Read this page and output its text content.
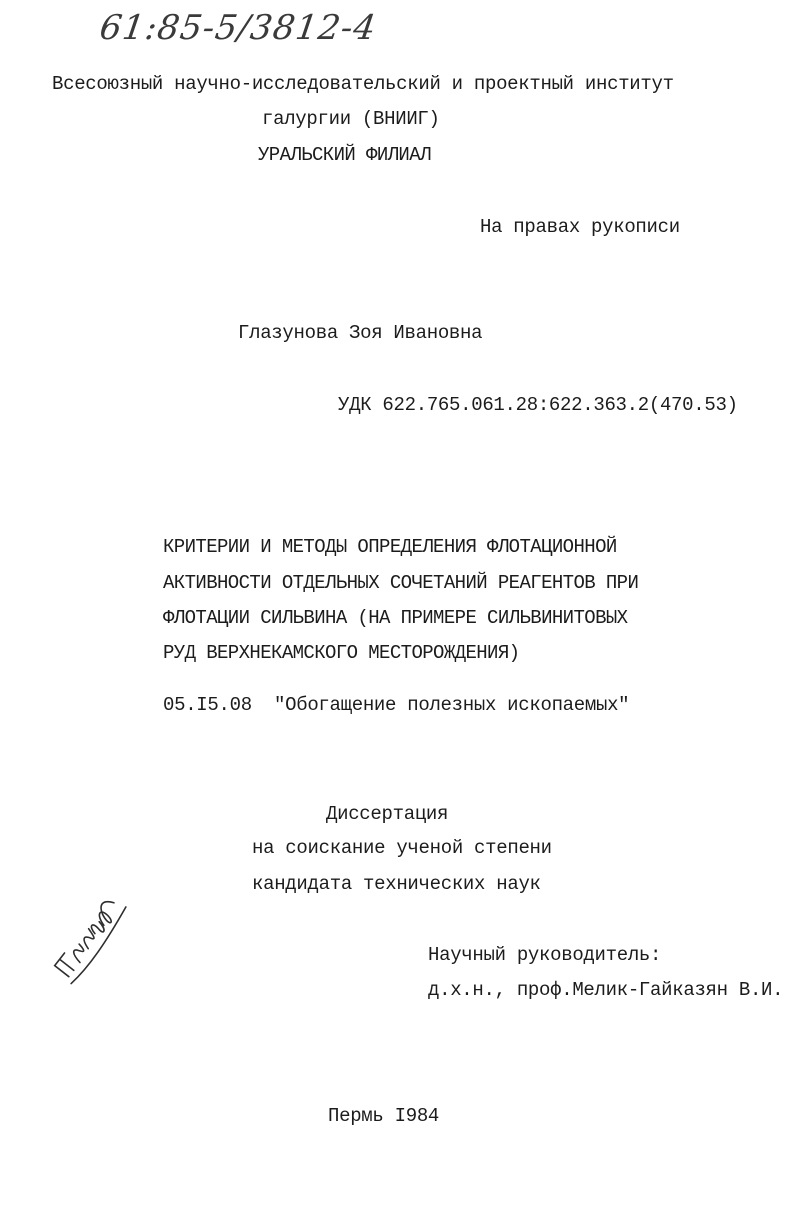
61:85-5/3812-4
Всесоюзный научно-исследовательский и проектный институт
галургии (ВНИИГ)
УРАЛЬСКИЙ ФИЛИАЛ
На правах рукописи
Глазунова Зоя Ивановна
УДК 622.765.061.28:622.363.2(470.53)
КРИТЕРИИ И МЕТОДЫ ОПРЕДЕЛЕНИЯ ФЛОТАЦИОННОЙ
АКТИВНОСТИ ОТДЕЛЬНЫХ СОЧЕТАНИЙ РЕАГЕНТОВ ПРИ
ФЛОТАЦИИ СИЛЬВИНА (НА ПРИМЕРЕ СИЛЬВИНИТОВЫХ
РУД ВЕРХНЕКАМСКОГО МЕСТОРОЖДЕНИЯ)
05.I5.08  "Обогащение полезных ископаемых"
Диссертация
на соискание ученой степени
кандидата технических наук
Научный руководитель:
д.х.н., проф.Мелик-Гайказян В.И.
Пермь I984
